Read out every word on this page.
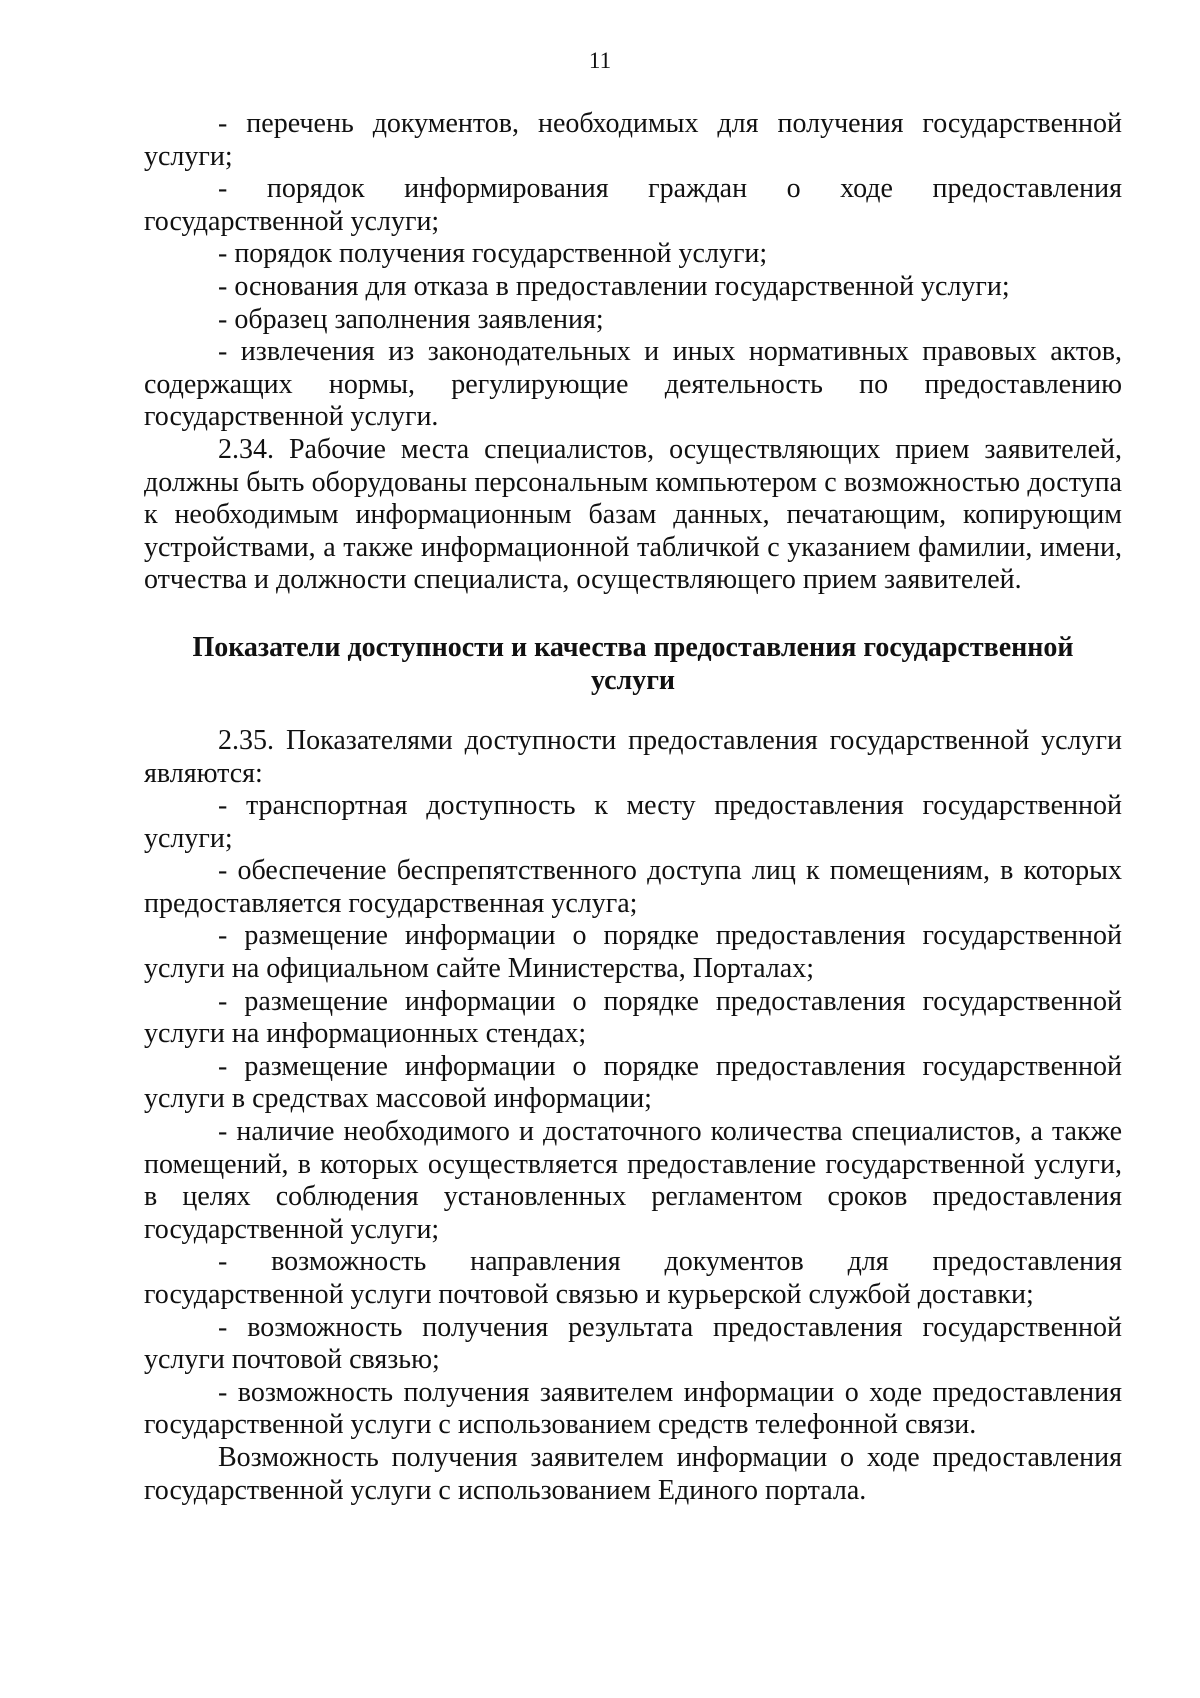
11

- перечень документов, необходимых для получения государственной услуги;

- порядок информирования граждан о ходе предоставления государственной услуги;

- порядок получения государственной услуги;

- основания для отказа в предоставлении государственной услуги;

- образец заполнения заявления;

- извлечения из законодательных и иных нормативных правовых актов, содержащих нормы, регулирующие деятельность по предоставлению государственной услуги.

2.34. Рабочие места специалистов, осуществляющих прием заявителей, должны быть оборудованы персональным компьютером с возможностью доступа к необходимым информационным базам данных, печатающим, копирующим устройствами, а также информационной табличкой с указанием фамилии, имени, отчества и должности специалиста, осуществляющего прием заявителей.

Показатели доступности и качества предоставления государственной услуги

2.35. Показателями доступности предоставления государственной услуги являются:

- транспортная доступность к месту предоставления государственной услуги;

- обеспечение беспрепятственного доступа лиц к помещениям, в которых предоставляется государственная услуга;

- размещение информации о порядке предоставления государственной услуги на официальном сайте Министерства, Порталах;

- размещение информации о порядке предоставления государственной услуги на информационных стендах;

- размещение информации о порядке предоставления государственной услуги в средствах массовой информации;

- наличие необходимого и достаточного количества специалистов, а также помещений, в которых осуществляется предоставление государственной услуги, в целях соблюдения установленных регламентом сроков предоставления государственной услуги;

- возможность направления документов для предоставления государственной услуги почтовой связью и курьерской службой доставки;

- возможность получения результата предоставления государственной услуги почтовой связью;

- возможность получения заявителем информации о ходе предоставления государственной услуги с использованием средств телефонной связи.

Возможность получения заявителем информации о ходе предоставления государственной услуги с использованием Единого портала.
